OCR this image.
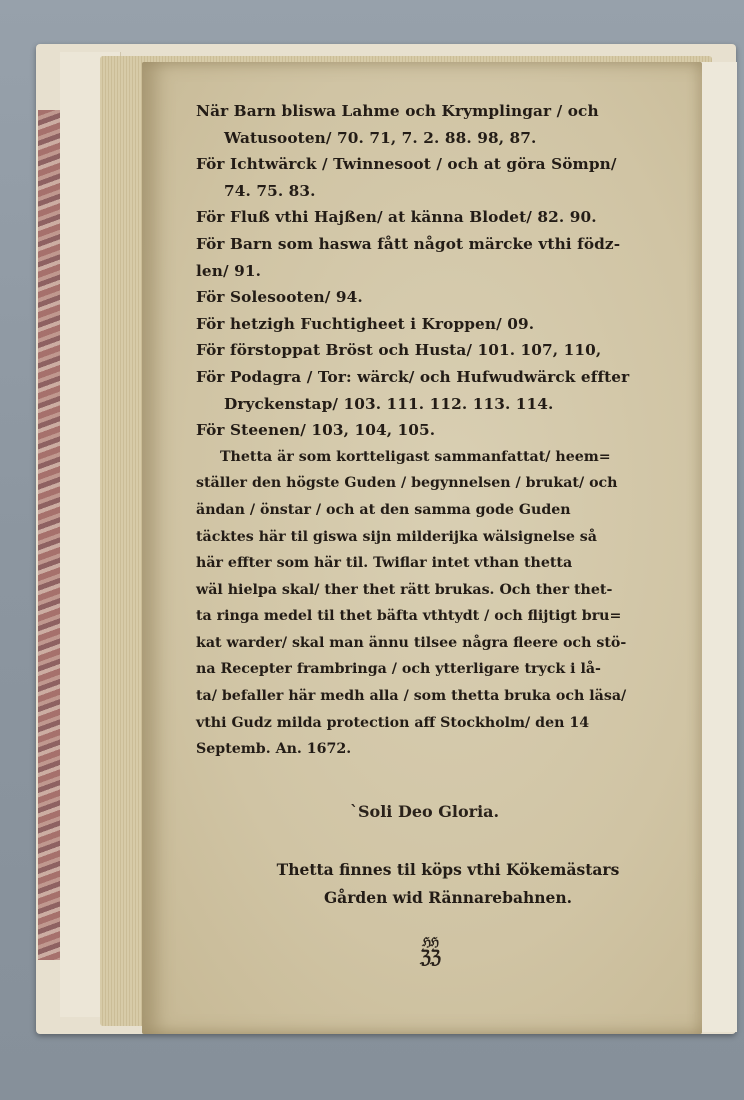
När Barn bliswa Lahme och Krymplingar / och
Watusooten/ 70. 71, 7. 2. 88. 98, 87.
För Ichtwärck / Twinnesoot / och at göra Sömpn/
74. 75. 83.
För Fluß vthi Hajßen/ at känna Blodet/ 82. 90.
För Barn som haswa fått något märcke vthi födz-
len/ 91.
För Solesooten/ 94.
För hetzigh Fuchtigheet i Kroppen/ 09.
För förstoppat Bröst och Husta/ 101. 107, 110,
För Podagra / Tor: wärck/ och Hufwudwärck effter
Dryckenstap/ 103. 111. 112. 113. 114.
För Steenen/ 103, 104, 105.
Thetta är som kortteligast sammanfattat/ heem=
ställer den högste Guden / begynnelsen / brukat/ och
ändan / önstar / och at den samma gode Guden
täcktes här til giswa sijn milderijka wälsignelse så
här effter som här til. Twiflar intet vthan thetta
wäl hielpa skal/ ther thet rätt brukas. Och ther thet-
ta ringa medel til thet bäfta vthtydt / och flijtigt bru=
kat warder/ skal man ännu tilsee några fleere och stö-
na Recepter frambringa / och ytterligare tryck i lå-
ta/ befaller här medh alla / som thetta bruka och läsa/
vthi Gudz milda protection aff Stockholm/ den 14
Septemb. An. 1672.
`Soli Deo Gloria.
Thetta finnes til köps vthi Kökemästars
Gården wid Rännarebahnen.
ℌℌ
ℨℨ
